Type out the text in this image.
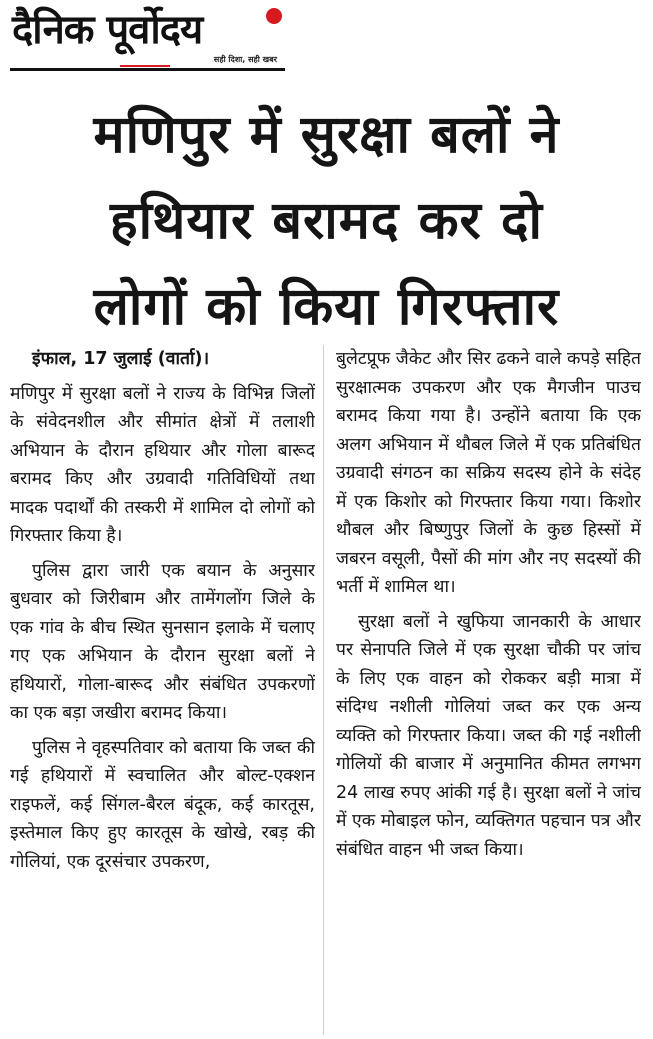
दैनिक पूर्वोदय
सही दिशा, सही खबर
मणिपुर में सुरक्षा बलों ने
हथियार बरामद कर दो
लोगों को किया गिरफ्तार

इंफाल, 17 जुलाई (वार्ता)।

मणिपुर में सुरक्षा बलों ने राज्य के विभिन्न जिलों के संवेदनशील और सीमांत क्षेत्रों में तलाशी अभियान के दौरान हथियार और गोला बारूद बरामद किए और उग्रवादी गतिविधियों तथा मादक पदार्थों की तस्करी में शामिल दो लोगों को गिरफ्तार किया है।

पुलिस द्वारा जारी एक बयान के अनुसार बुधवार को जिरीबाम और तामेंगलोंग जिले के एक गांव के बीच स्थित सुनसान इलाके में चलाए गए एक अभियान के दौरान सुरक्षा बलों ने हथियारों, गोला-बारूद और संबंधित उपकरणों का एक बड़ा जखीरा बरामद किया।

पुलिस ने वृहस्पतिवार को बताया कि जब्त की गई हथियारों में स्वचालित और बोल्ट-एक्शन राइफलें, कई सिंगल-बैरल बंदूक, कई कारतूस, इस्तेमाल किए हुए कारतूस के खोखे, रबड़ की गोलियां, एक दूरसंचार उपकरण,

बुलेटप्रूफ जैकेट और सिर ढकने वाले कपड़े सहित सुरक्षात्मक उपकरण और एक मैगजीन पाउच बरामद किया गया है। उन्होंने बताया कि एक अलग अभियान में थौबल जिले में एक प्रतिबंधित उग्रवादी संगठन का सक्रिय सदस्य होने के संदेह में एक किशोर को गिरफ्तार किया गया। किशोर थौबल और बिष्णुपुर जिलों के कुछ हिस्सों में जबरन वसूली, पैसों की मांग और नए सदस्यों की भर्ती में शामिल था।

सुरक्षा बलों ने खुफिया जानकारी के आधार पर सेनापति जिले में एक सुरक्षा चौकी पर जांच के लिए एक वाहन को रोककर बड़ी मात्रा में संदिग्ध नशीली गोलियां जब्त कर एक अन्य व्यक्ति को गिरफ्तार किया। जब्त की गई नशीली गोलियों की बाजार में अनुमानित कीमत लगभग 24 लाख रुपए आंकी गई है। सुरक्षा बलों ने जांच में एक मोबाइल फोन, व्यक्तिगत पहचान पत्र और संबंधित वाहन भी जब्त किया।
